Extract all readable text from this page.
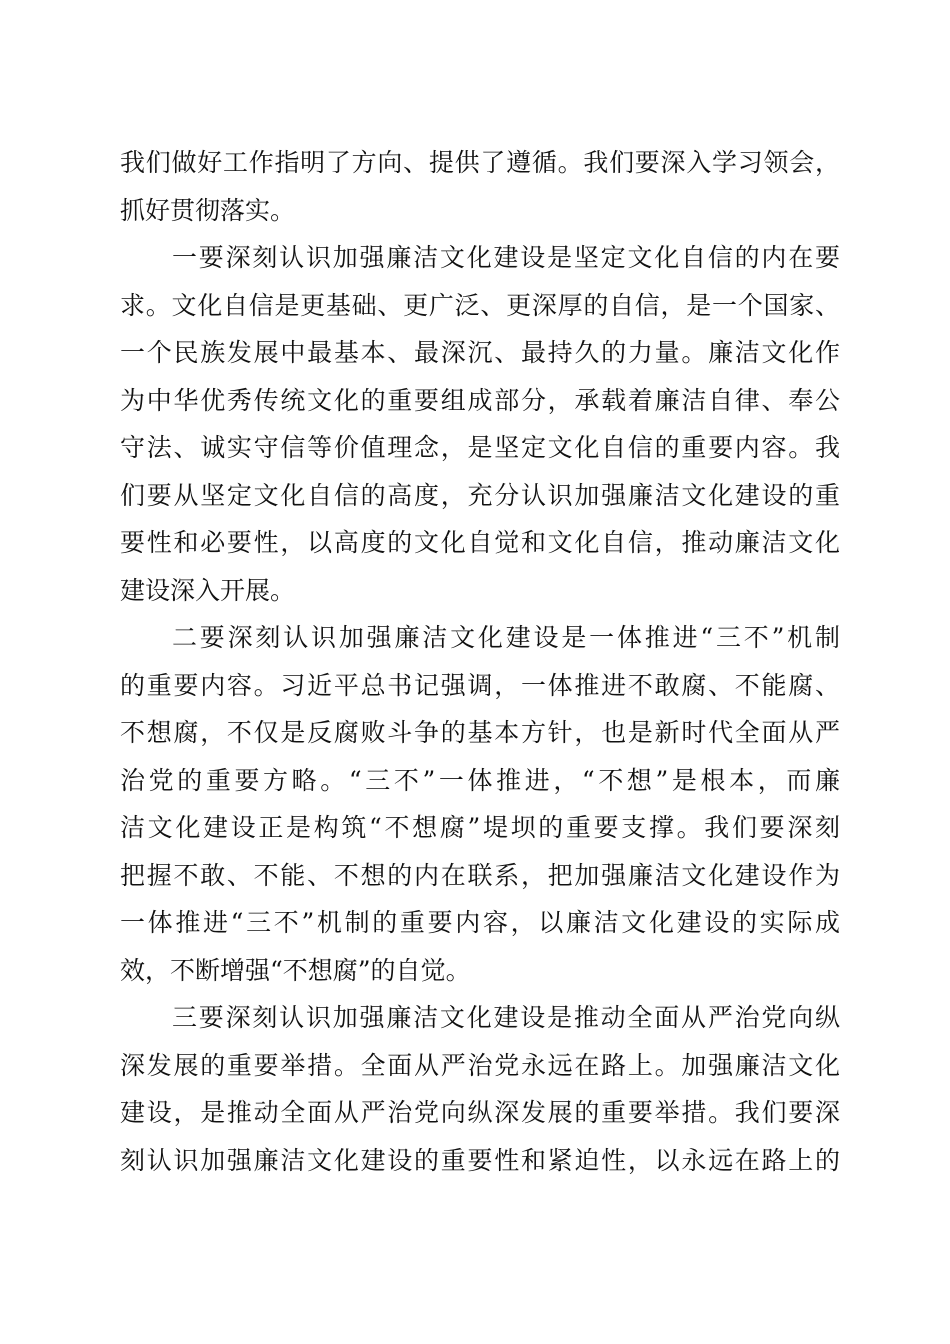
我们做好工作指明了方向、提供了遵循。我们要深入学习领会，
抓好贯彻落实。
一要深刻认识加强廉洁文化建设是坚定文化自信的内在要
求。文化自信是更基础、更广泛、更深厚的自信，是一个国家、
一个民族发展中最基本、最深沉、最持久的力量。廉洁文化作
为中华优秀传统文化的重要组成部分，承载着廉洁自律、奉公
守法、诚实守信等价值理念，是坚定文化自信的重要内容。我
们要从坚定文化自信的高度，充分认识加强廉洁文化建设的重
要性和必要性，以高度的文化自觉和文化自信，推动廉洁文化
建设深入开展。
二要深刻认识加强廉洁文化建设是一体推进“三不”机制
的重要内容。习近平总书记强调，一体推进不敢腐、不能腐、
不想腐，不仅是反腐败斗争的基本方针，也是新时代全面从严
治党的重要方略。“三不”一体推进，“不想”是根本，而廉
洁文化建设正是构筑“不想腐”堤坝的重要支撑。我们要深刻
把握不敢、不能、不想的内在联系，把加强廉洁文化建设作为
一体推进“三不”机制的重要内容，以廉洁文化建设的实际成
效，不断增强“不想腐”的自觉。
三要深刻认识加强廉洁文化建设是推动全面从严治党向纵
深发展的重要举措。全面从严治党永远在路上。加强廉洁文化
建设，是推动全面从严治党向纵深发展的重要举措。我们要深
刻认识加强廉洁文化建设的重要性和紧迫性，以永远在路上的
